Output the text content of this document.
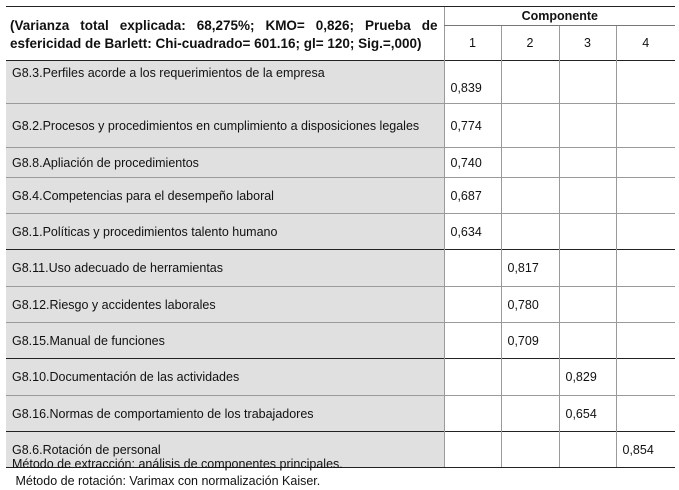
(Varianza total explicada: 68,275%; KMO= 0,826; Prueba de esfericidad de Barlett: Chi-cuadrado= 601.16; gl= 120; Sig.=,000)	Componente			
	1	2	3	4
G8.3.Perfiles acorde a los requerimientos de la empresa	0,839			
G8.2.Procesos y procedimientos en cumplimiento a disposiciones legales	0,774			
G8.8.Apliación de procedimientos	0,740			
G8.4.Competencias para el desempeño laboral	0,687			
G8.1.Políticas y procedimientos talento humano	0,634			
G8.11.Uso adecuado de herramientas		0,817		
G8.12.Riesgo y accidentes laborales		0,780		
G8.15.Manual de funciones		0,709		
G8.10.Documentación de las actividades			0,829	
G8.16.Normas de comportamiento de los trabajadores			0,654	
G8.6.Rotación de personal				0,854
Método de extracción: análisis de componentes principales.
Método de rotación: Varimax con normalización Kaiser.
